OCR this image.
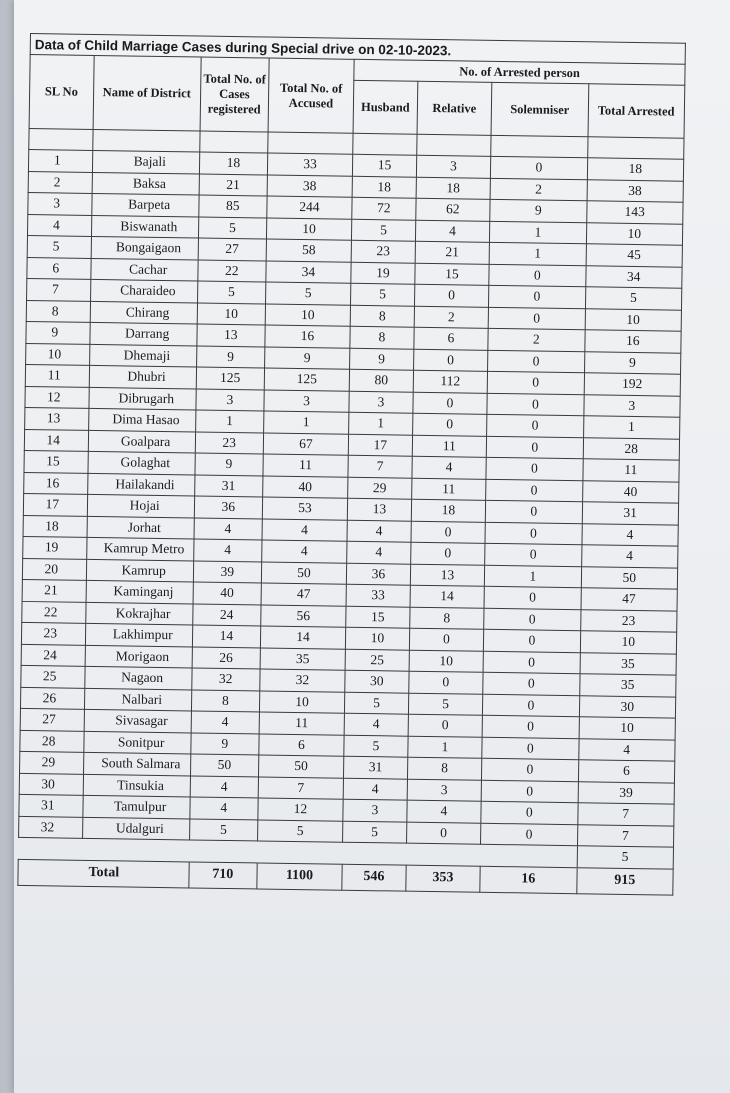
Data of Child Marriage Cases during Special drive on 02-10-2023.							
SL No	Name of District	Total No. of Cases registered	Total No. of Accused	No. of Arrested person			
				Husband	Relative	Solemniser	Total Arrested

1	Bajali	18	33	15	3	0	18
2	Baksa	21	38	18	18	2	38
3	Barpeta	85	244	72	62	9	143
4	Biswanath	5	10	5	4	1	10
5	Bongaigaon	27	58	23	21	1	45
6	Cachar	22	34	19	15	0	34
7	Charaideo	5	5	5	0	0	5
8	Chirang	10	10	8	2	0	10
9	Darrang	13	16	8	6	2	16
10	Dhemaji	9	9	9	0	0	9
11	Dhubri	125	125	80	112	0	192
12	Dibrugarh	3	3	3	0	0	3
13	Dima Hasao	1	1	1	0	0	1
14	Goalpara	23	67	17	11	0	28
15	Golaghat	9	11	7	4	0	11
16	Hailakandi	31	40	29	11	0	40
17	Hojai	36	53	13	18	0	31
18	Jorhat	4	4	4	0	0	4
19	Kamrup Metro	4	4	4	0	0	4
20	Kamrup	39	50	36	13	1	50
21	Kaminganj	40	47	33	14	0	47
22	Kokrajhar	24	56	15	8	0	23
23	Lakhimpur	14	14	10	0	0	10
24	Morigaon	26	35	25	10	0	35
25	Nagaon	32	32	30	0	0	35
26	Nalbari	8	10	5	5	0	30
27	Sivasagar	4	11	4	0	0	10
28	Sonitpur	9	6	5	1	0	4
29	South Salmara	50	50	31	8	0	6
30	Tinsukia	4	7	4	3	0	39
31	Tamulpur	4	12	3	4	0	7
32	Udalguri	5	5	5	0	0	7
							5
Total		710	1100	546	353	16	915
